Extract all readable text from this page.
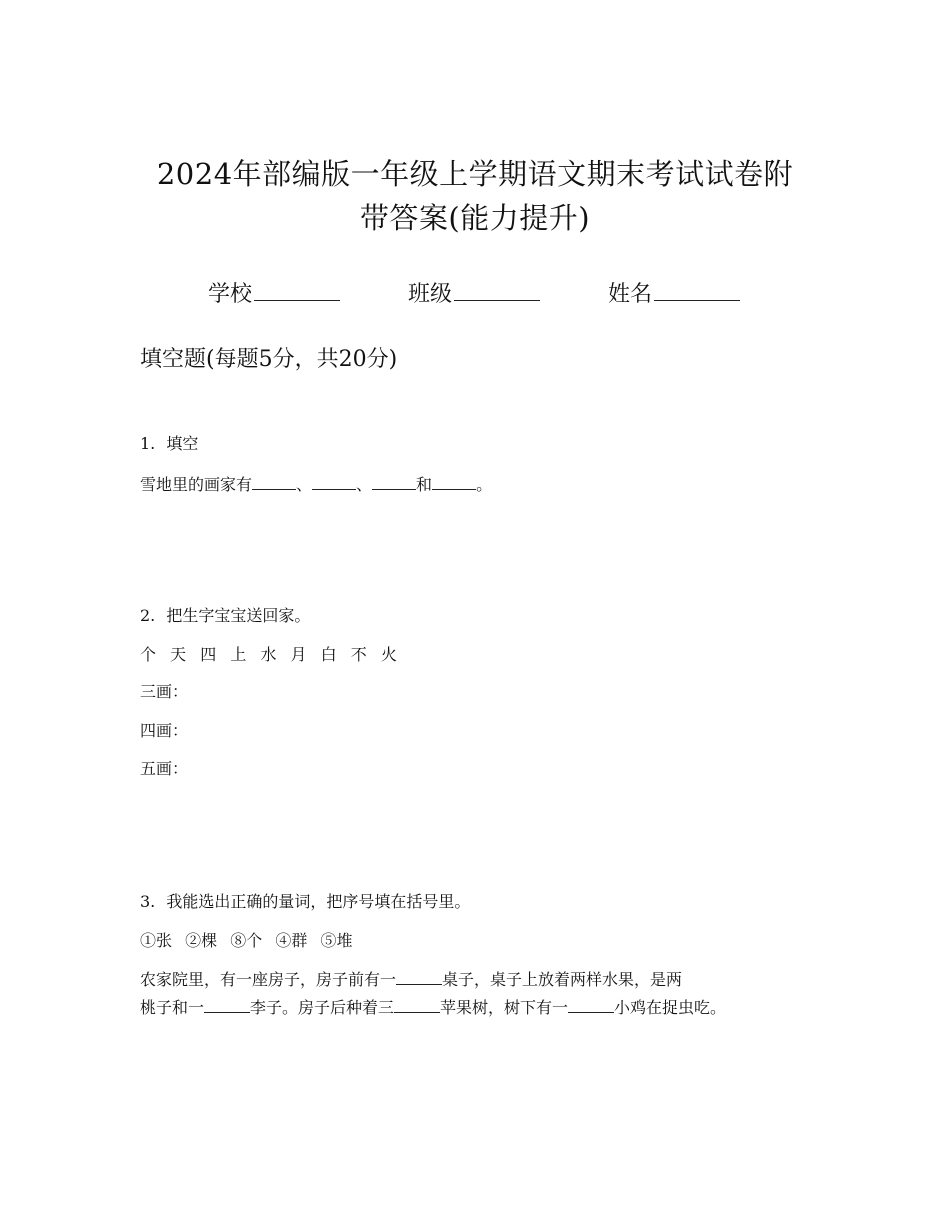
2024年部编版一年级上学期语文期末考试试卷附
带答案(能力提升)
学校	班级	姓名
填空题(每题5分，共20分)
1. 填空
雪地里的画家有	、	、	和	。
2. 把生字宝宝送回家。
个 天 四 上 水 月 白 不 火
三画：
四画：
五画：
3. 我能选出正确的量词，把序号填在括号里。
①张 ②棵 ⑧个 ④群 ⑤堆
农家院里，有一座房子，房子前有一	桌子，桌子上放着两样水果，是两
桃子和一	李子。房子后种着三	苹果树，树下有一	小鸡在捉虫吃。
